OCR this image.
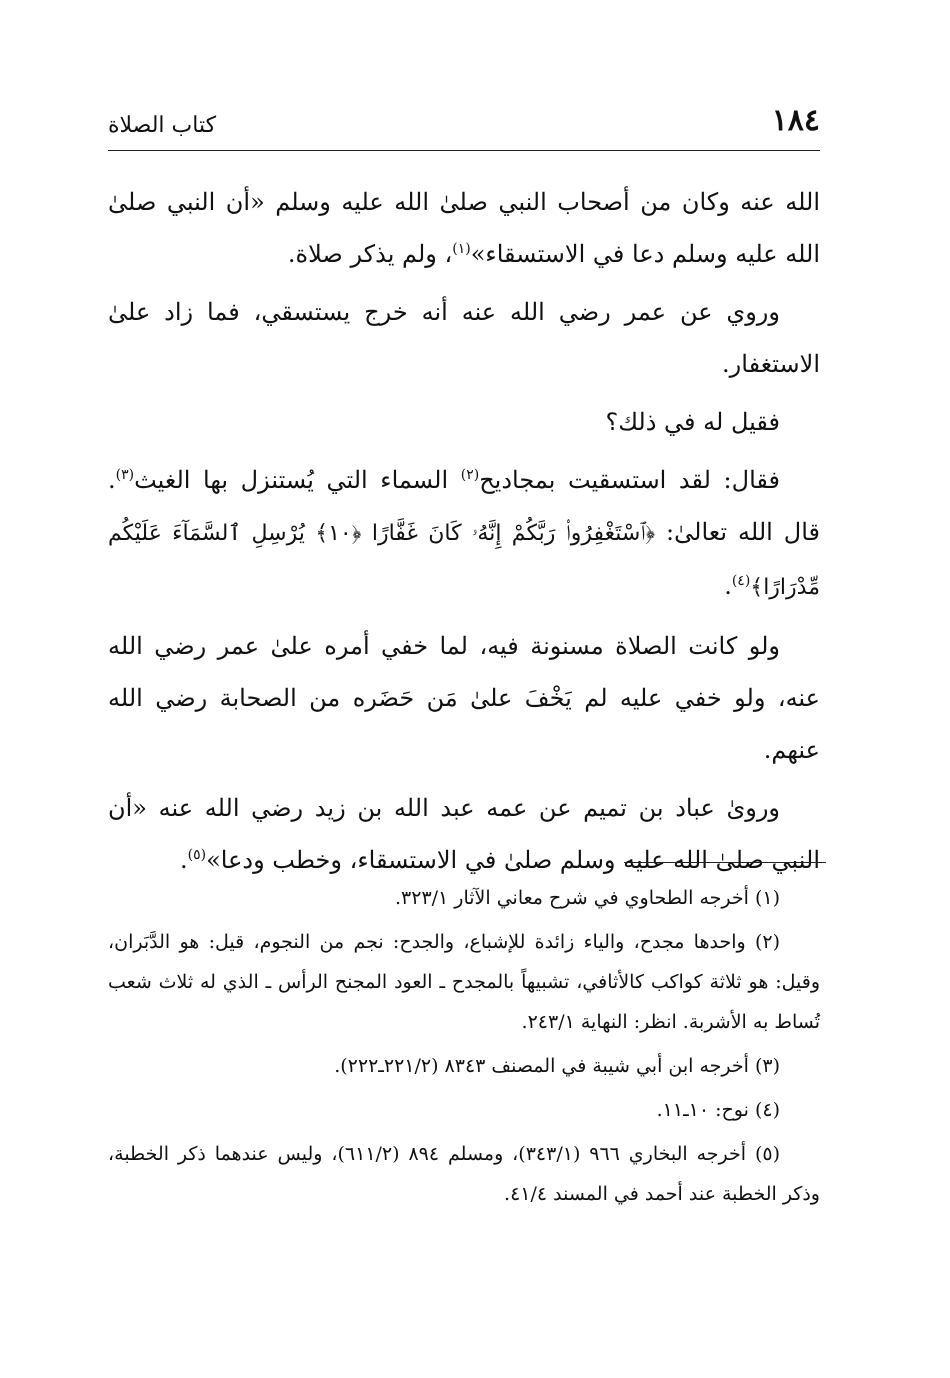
١٨٤
كتاب الصلاة

الله عنه وكان من أصحاب النبي صلىٰ الله عليه وسلم «أن النبي صلىٰ الله عليه وسلم دعا في الاستسقاء»$^{(١)}$، ولم يذكر صلاة.

وروي عن عمر رضي الله عنه أنه خرج يستسقي، فما زاد علىٰ الاستغفار.

فقيل له في ذلك؟

فقال: لقد استسقيت بمجاديح$^{(٢)}$ السماء التي يُستنزل بها الغيث$^{(٣)}$. قال الله تعالىٰ: ﴿ٱسْتَغْفِرُوا۟ رَبَّكُمْ إِنَّهُۥ كَانَ غَفَّارًا ﴿١٠﴾ يُرْسِلِ ٱلسَّمَآءَ عَلَيْكُم مِّدْرَارًا﴾$^{(٤)}$.

ولو كانت الصلاة مسنونة فيه، لما خفي أمره علىٰ عمر رضي الله عنه، ولو خفي عليه لم يَخْفَ علىٰ مَن حَضَره من الصحابة رضي الله عنهم.

ورویٰ عباد بن تميم عن عمه عبد الله بن زيد رضي الله عنه «أن النبي صلىٰ الله عليه وسلم صلىٰ في الاستسقاء، وخطب ودعا»$^{(٥)}$.

(١) أخرجه الطحاوي في شرح معاني الآثار ٣٢٣/١.

(٢) واحدها مجدح، والياء زائدة للإشباع، والجدح: نجم من النجوم، قيل: هو الدَّبَران، وقيل: هو ثلاثة كواكب كالأثافي، تشبيهاً بالمجدح ـ العود المجنح الرأس ـ الذي له ثلاث شعب تُساط به الأشربة. انظر: النهاية ٢٤٣/١.

(٣) أخرجه ابن أبي شيبة في المصنف ٨٣٤٣ (٢٢١/٢ـ٢٢٢).

(٤) نوح: ١٠ـ١١.

(٥) أخرجه البخاري ٩٦٦ (٣٤٣/١)، ومسلم ٨٩٤ (٦١١/٢)، وليس عندهما ذكر الخطبة، وذكر الخطبة عند أحمد في المسند ٤١/٤.
